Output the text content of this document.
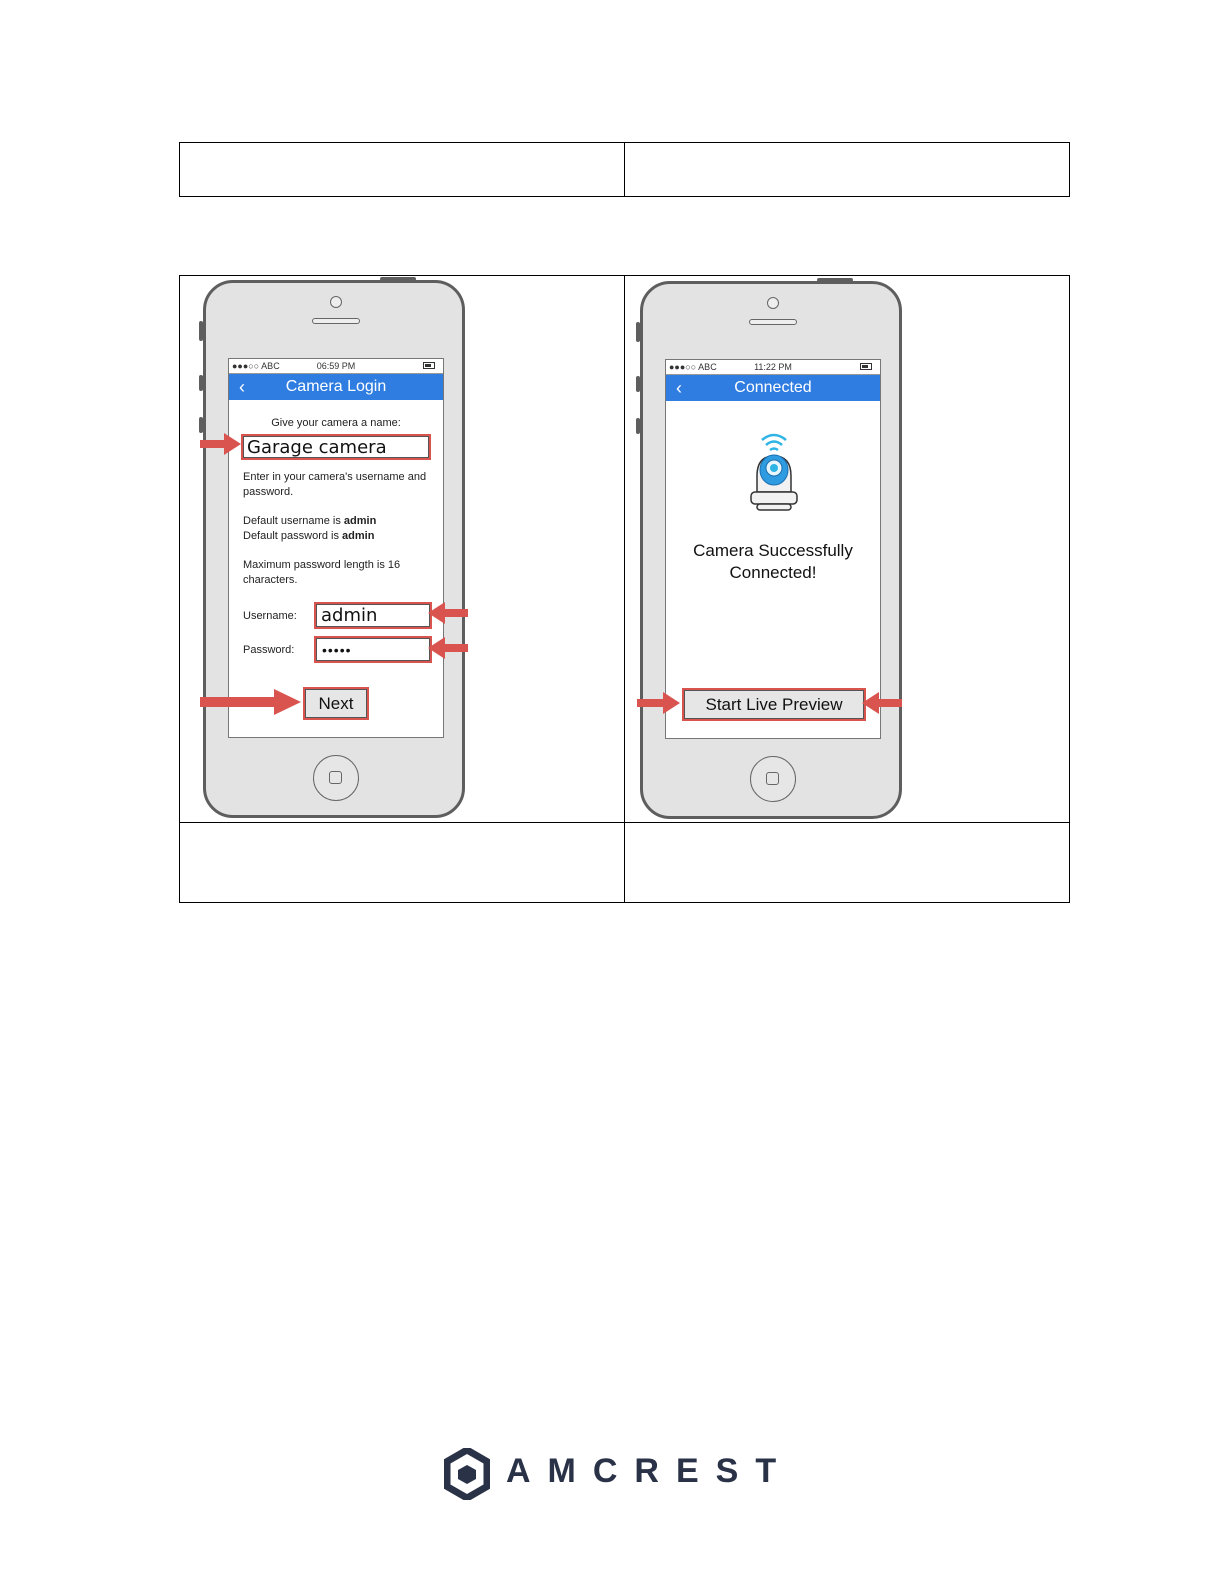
●●●○○ ABC	06:59 PM
‹	Camera Login
Give your camera a name:
Garage camera
Enter in your camera's username and password.
Default username is admin
Default password is admin
Maximum password length is 16 characters.
Username: admin
Password: •••••
Next
●●●○○ ABC	11:22 PM
‹	Connected
Camera Successfully
Connected!
Start Live Preview
AMCREST
